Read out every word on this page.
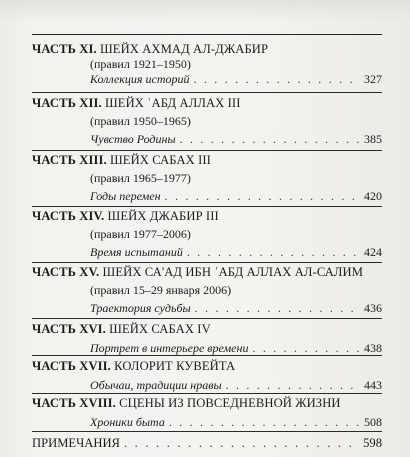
ЧАСТЬ XI. ШЕЙХ АХМАД АЛ-ДЖАБИР
(правил 1921–1950)
Коллекция историй . . .	327
ЧАСТЬ XII. ШЕЙХ ʿАБД АЛЛАХ III
(правил 1950–1965)
Чувство Родины . . .	385
ЧАСТЬ XIII. ШЕЙХ САБАХ III
(правил 1965–1977)
Годы перемен . . .	420
ЧАСТЬ XIV. ШЕЙХ ДЖАБИР III
(правил 1977–2006)
Время испытаний . . .	424
ЧАСТЬ XV. ШЕЙХ СА'АД ИБН ʿАБД АЛЛАХ АЛ-САЛИМ
(правил 15–29 января 2006)
Траектория судьбы . . .	436
ЧАСТЬ XVI. ШЕЙХ САБАХ IV
Портрет в интерьере времени . . .	438
ЧАСТЬ XVII. КОЛОРИТ КУВЕЙТА
Обычаи, традиции нравы . . .	443
ЧАСТЬ XVIII. СЦЕНЫ ИЗ ПОВСЕДНЕВНОЙ ЖИЗНИ
Хроники быта . . .	508
ПРИМЕЧАНИЯ . . .	598
